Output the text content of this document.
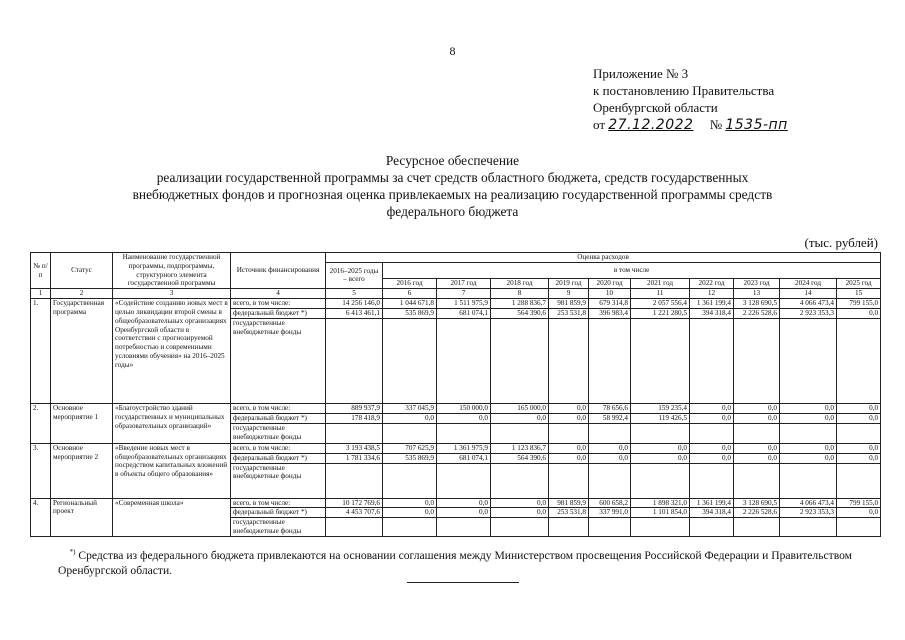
8
Приложение № 3
к постановлению Правительства
Оренбургской области
от 27.12.2022 № 1535-пп
Ресурсное обеспечение
реализации государственной программы за счет средств областного бюджета, средств государственных
внебюджетных фондов и прогнозная оценка привлекаемых на реализацию государственной программы средств
федерального бюджета
(тыс. рублей)
№ п/п	Статус	Наименование государственной программы, подпрограммы, структурного элемента государственной программы	Источник финансирования	Оценка расходов										
				2016–2025 годы – всего	в том числе									
					2016 год	2017 год	2018 год	2019 год	2020 год	2021 год	2022 год	2023 год	2024 год	2025 год
1	2	3	4	5	6	7	8	9	10	11	12	13	14	15
1.	Государственная программа	«Содействие созданию новых мест в целью ликвидации второй смены в общеобразовательных организациях Оренбургской области в соответствии с прогнозируемой потребностью и современными условиями обучения» на 2016–2025 годы»	всего, в том числе:	14 256 146,0	1 044 671,8	1 511 975,9	1 288 836,7	981 859,9	679 314,8	2 057 556,4	1 361 199,4	3 128 690,5	4 066 473,4	799 155,0
			федеральный бюджет *)	6 413 461,1	535 869,9	681 074,1	564 390,6	253 531,8	396 983,4	1 221 280,5	394 318,4	2 226 528,6	2 923 353,3	0,0
			государственные внебюджетные фонды											
2.	Основное мероприятие 1	«Благоустройство зданий государственных и муниципальных образовательных организаций»	всего, в том числе:	889 937,9	337 045,9	150 000,0	165 000,0	0,0	78 656,6	159 235,4	0,0	0,0	0,0	0,0
			федеральный бюджет *)	178 418,9	0,0	0,0	0,0	0,0	58 992,4	119 426,5	0,0	0,0	0,0	0,0
			государственные внебюджетные фонды											
3.	Основное мероприятие 2	«Введение новых мест в общеобразовательных организациях посредством капитальных вложений в объекты общего образования»	всего, в том числе:	3 193 438,5	707 625,9	1 361 975,9	1 123 836,7	0,0	0,0	0,0	0,0	0,0	0,0	0,0
			федеральный бюджет *)	1 781 334,6	535 869,9	681 074,1	564 390,6	0,0	0,0	0,0	0,0	0,0	0,0	0,0
			государственные внебюджетные фонды											
4.	Региональный проект	«Современная школа»	всего, в том числе:	10 172 769,6	0,0	0,0	0,0	981 859,9	600 658,2	1 898 321,0	1 361 199,4	3 128 690,5	4 066 473,4	799 155,0
			федеральный бюджет *)	4 453 707,6	0,0	0,0	0,0	253 531,8	337 991,0	1 101 854,0	394 318,4	2 226 528,6	2 923 353,3	0,0
			государственные внебюджетные фонды											
*) Средства из федерального бюджета привлекаются на основании соглашения между Министерством просвещения Российской Федерации и Правительством Оренбургской области.
